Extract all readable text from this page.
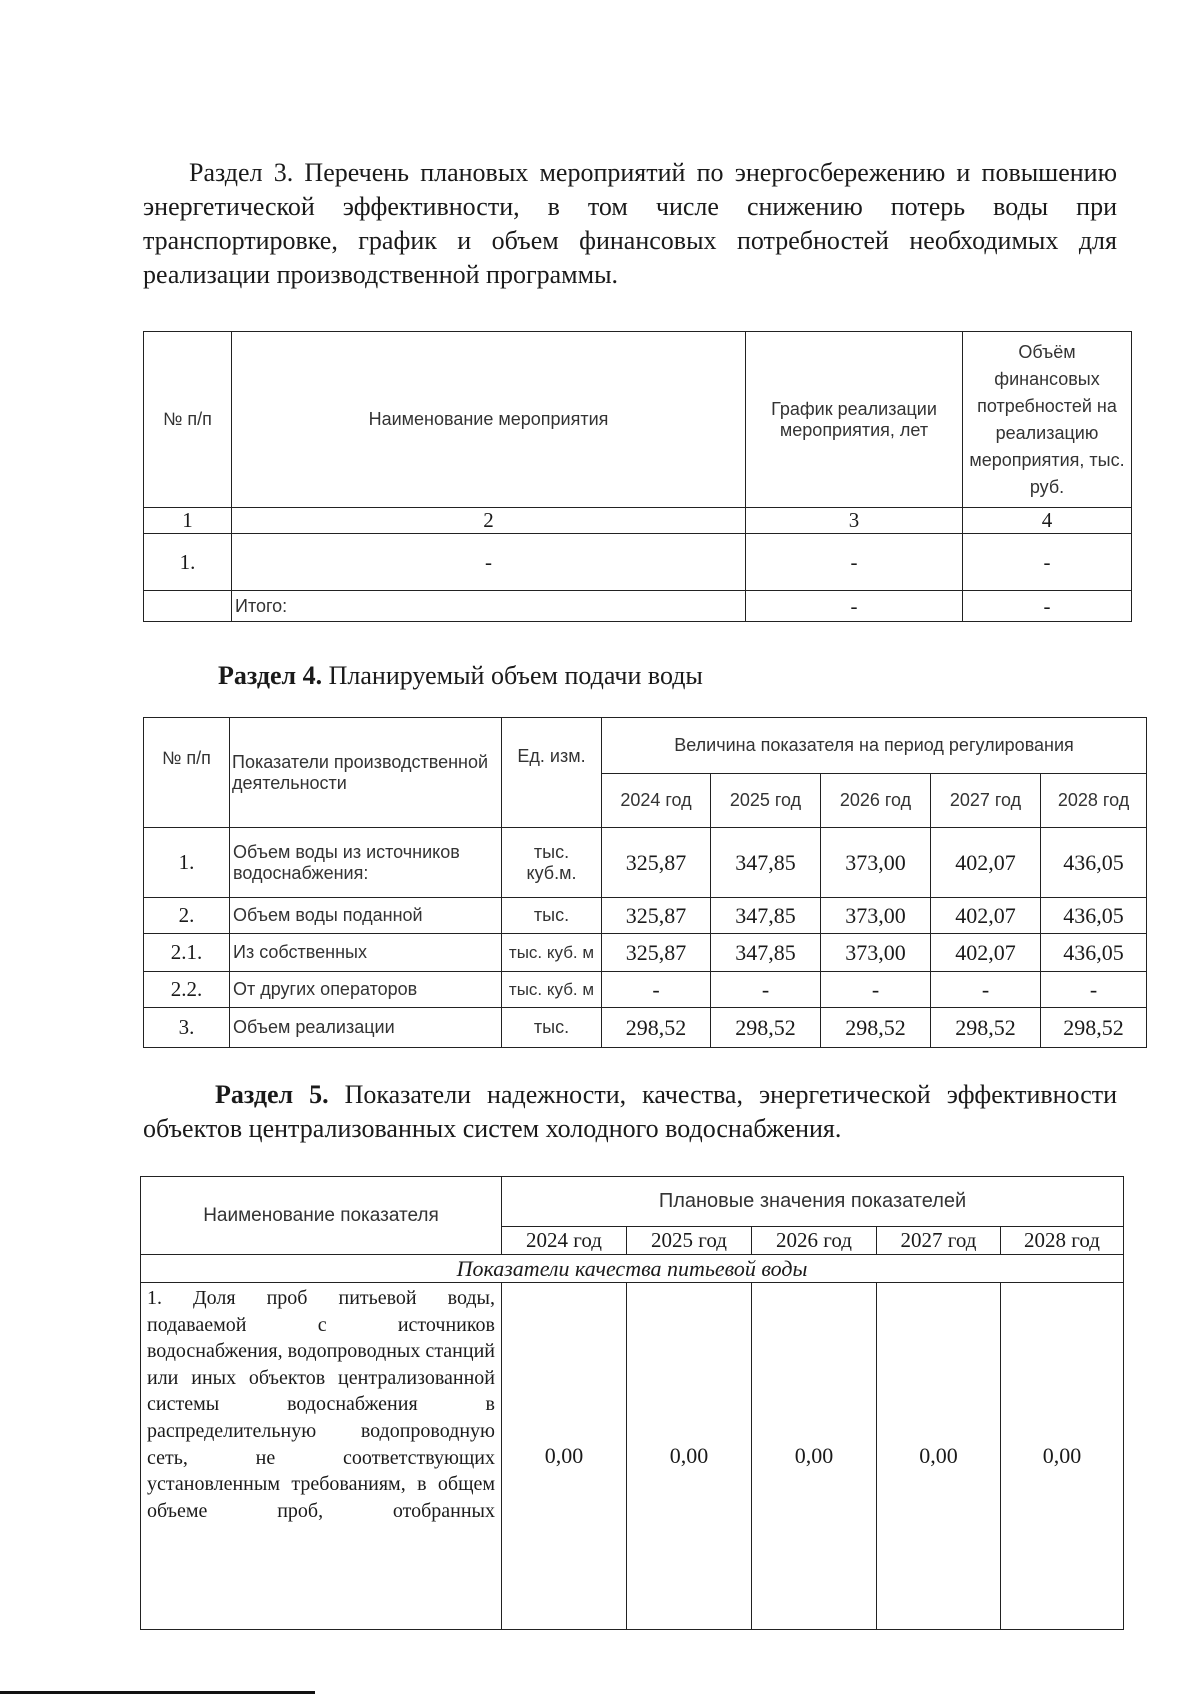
Раздел 3. Перечень плановых мероприятий по энергосбережению и повышению энергетической эффективности, в том числе снижению потерь воды при транспортировке, график и объем финансовых потребностей необходимых для реализации производственной программы.
№ п/п	Наименование мероприятия	График реализации мероприятия, лет	Объём финансовых потребностей на реализацию мероприятия, тыс. руб.
1	2	3	4
1.	-	-	-
	Итого:	-	-
Раздел 4. Планируемый объем подачи воды
№ п/п	Показатели производственной деятельности	Ед. изм.	Величина показателя на период регулирования				
			2024 год	2025 год	2026 год	2027 год	2028 год
1.	Объем воды из источников водоснабжения:	тыс. куб.м.	325,87	347,85	373,00	402,07	436,05
2.	Объем воды поданной	тыс.	325,87	347,85	373,00	402,07	436,05
2.1.	Из собственных	тыс. куб. м	325,87	347,85	373,00	402,07	436,05
2.2.	От других операторов	тыс. куб. м	-	-	-	-	-
3.	Объем реализации	тыс.	298,52	298,52	298,52	298,52	298,52
Раздел 5. Показатели надежности, качества, энергетической эффективности объектов централизованных систем холодного водоснабжения.
Наименование показателя	Плановые значения показателей				
	2024 год	2025 год	2026 год	2027 год	2028 год
Показатели качества питьевой воды					
1. Доля проб питьевой воды, подаваемой с источников водоснабжения, водопроводных станций или иных объектов централизованной системы водоснабжения в распределительную водопроводную сеть, не соответствующих установленным требованиям, в общем объеме проб, отобранных	0,00	0,00	0,00	0,00	0,00
